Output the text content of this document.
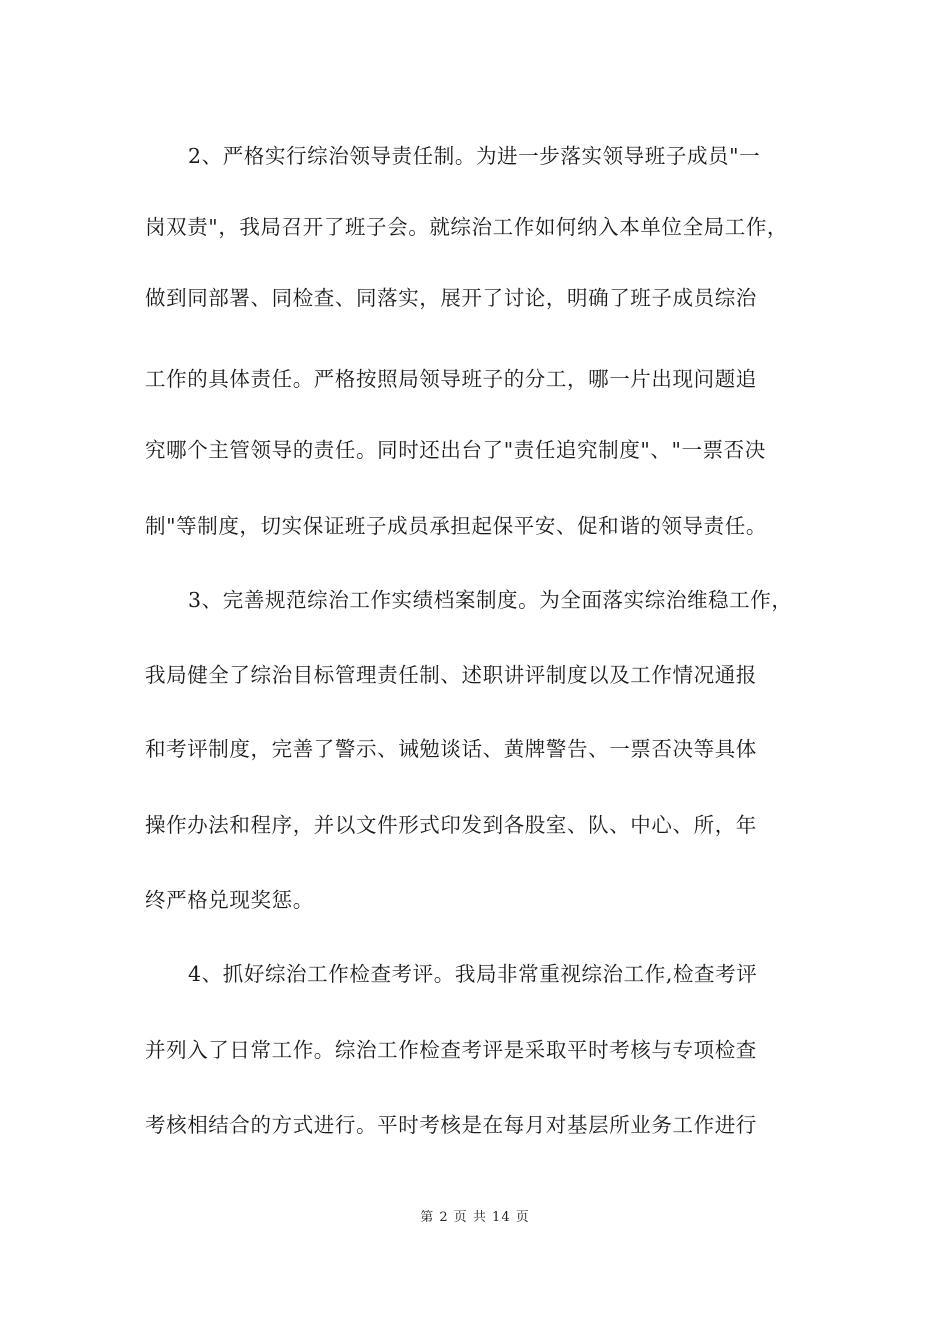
2、严格实行综治领导责任制。为进一步落实领导班子成员"一
岗双责"，我局召开了班子会。就综治工作如何纳入本单位全局工作，
做到同部署、同检查、同落实，展开了讨论，明确了班子成员综治
工作的具体责任。严格按照局领导班子的分工，哪一片出现问题追
究哪个主管领导的责任。同时还出台了"责任追究制度"、"一票否决
制"等制度，切实保证班子成员承担起保平安、促和谐的领导责任。
3、完善规范综治工作实绩档案制度。为全面落实综治维稳工作，
我局健全了综治目标管理责任制、述职讲评制度以及工作情况通报
和考评制度，完善了警示、诫勉谈话、黄牌警告、一票否决等具体
操作办法和程序，并以文件形式印发到各股室、队、中心、所，年
终严格兑现奖惩。
4、抓好综治工作检查考评。我局非常重视综治工作,检查考评
并列入了日常工作。综治工作检查考评是采取平时考核与专项检查
考核相结合的方式进行。平时考核是在每月对基层所业务工作进行
第 2 页 共 14 页
